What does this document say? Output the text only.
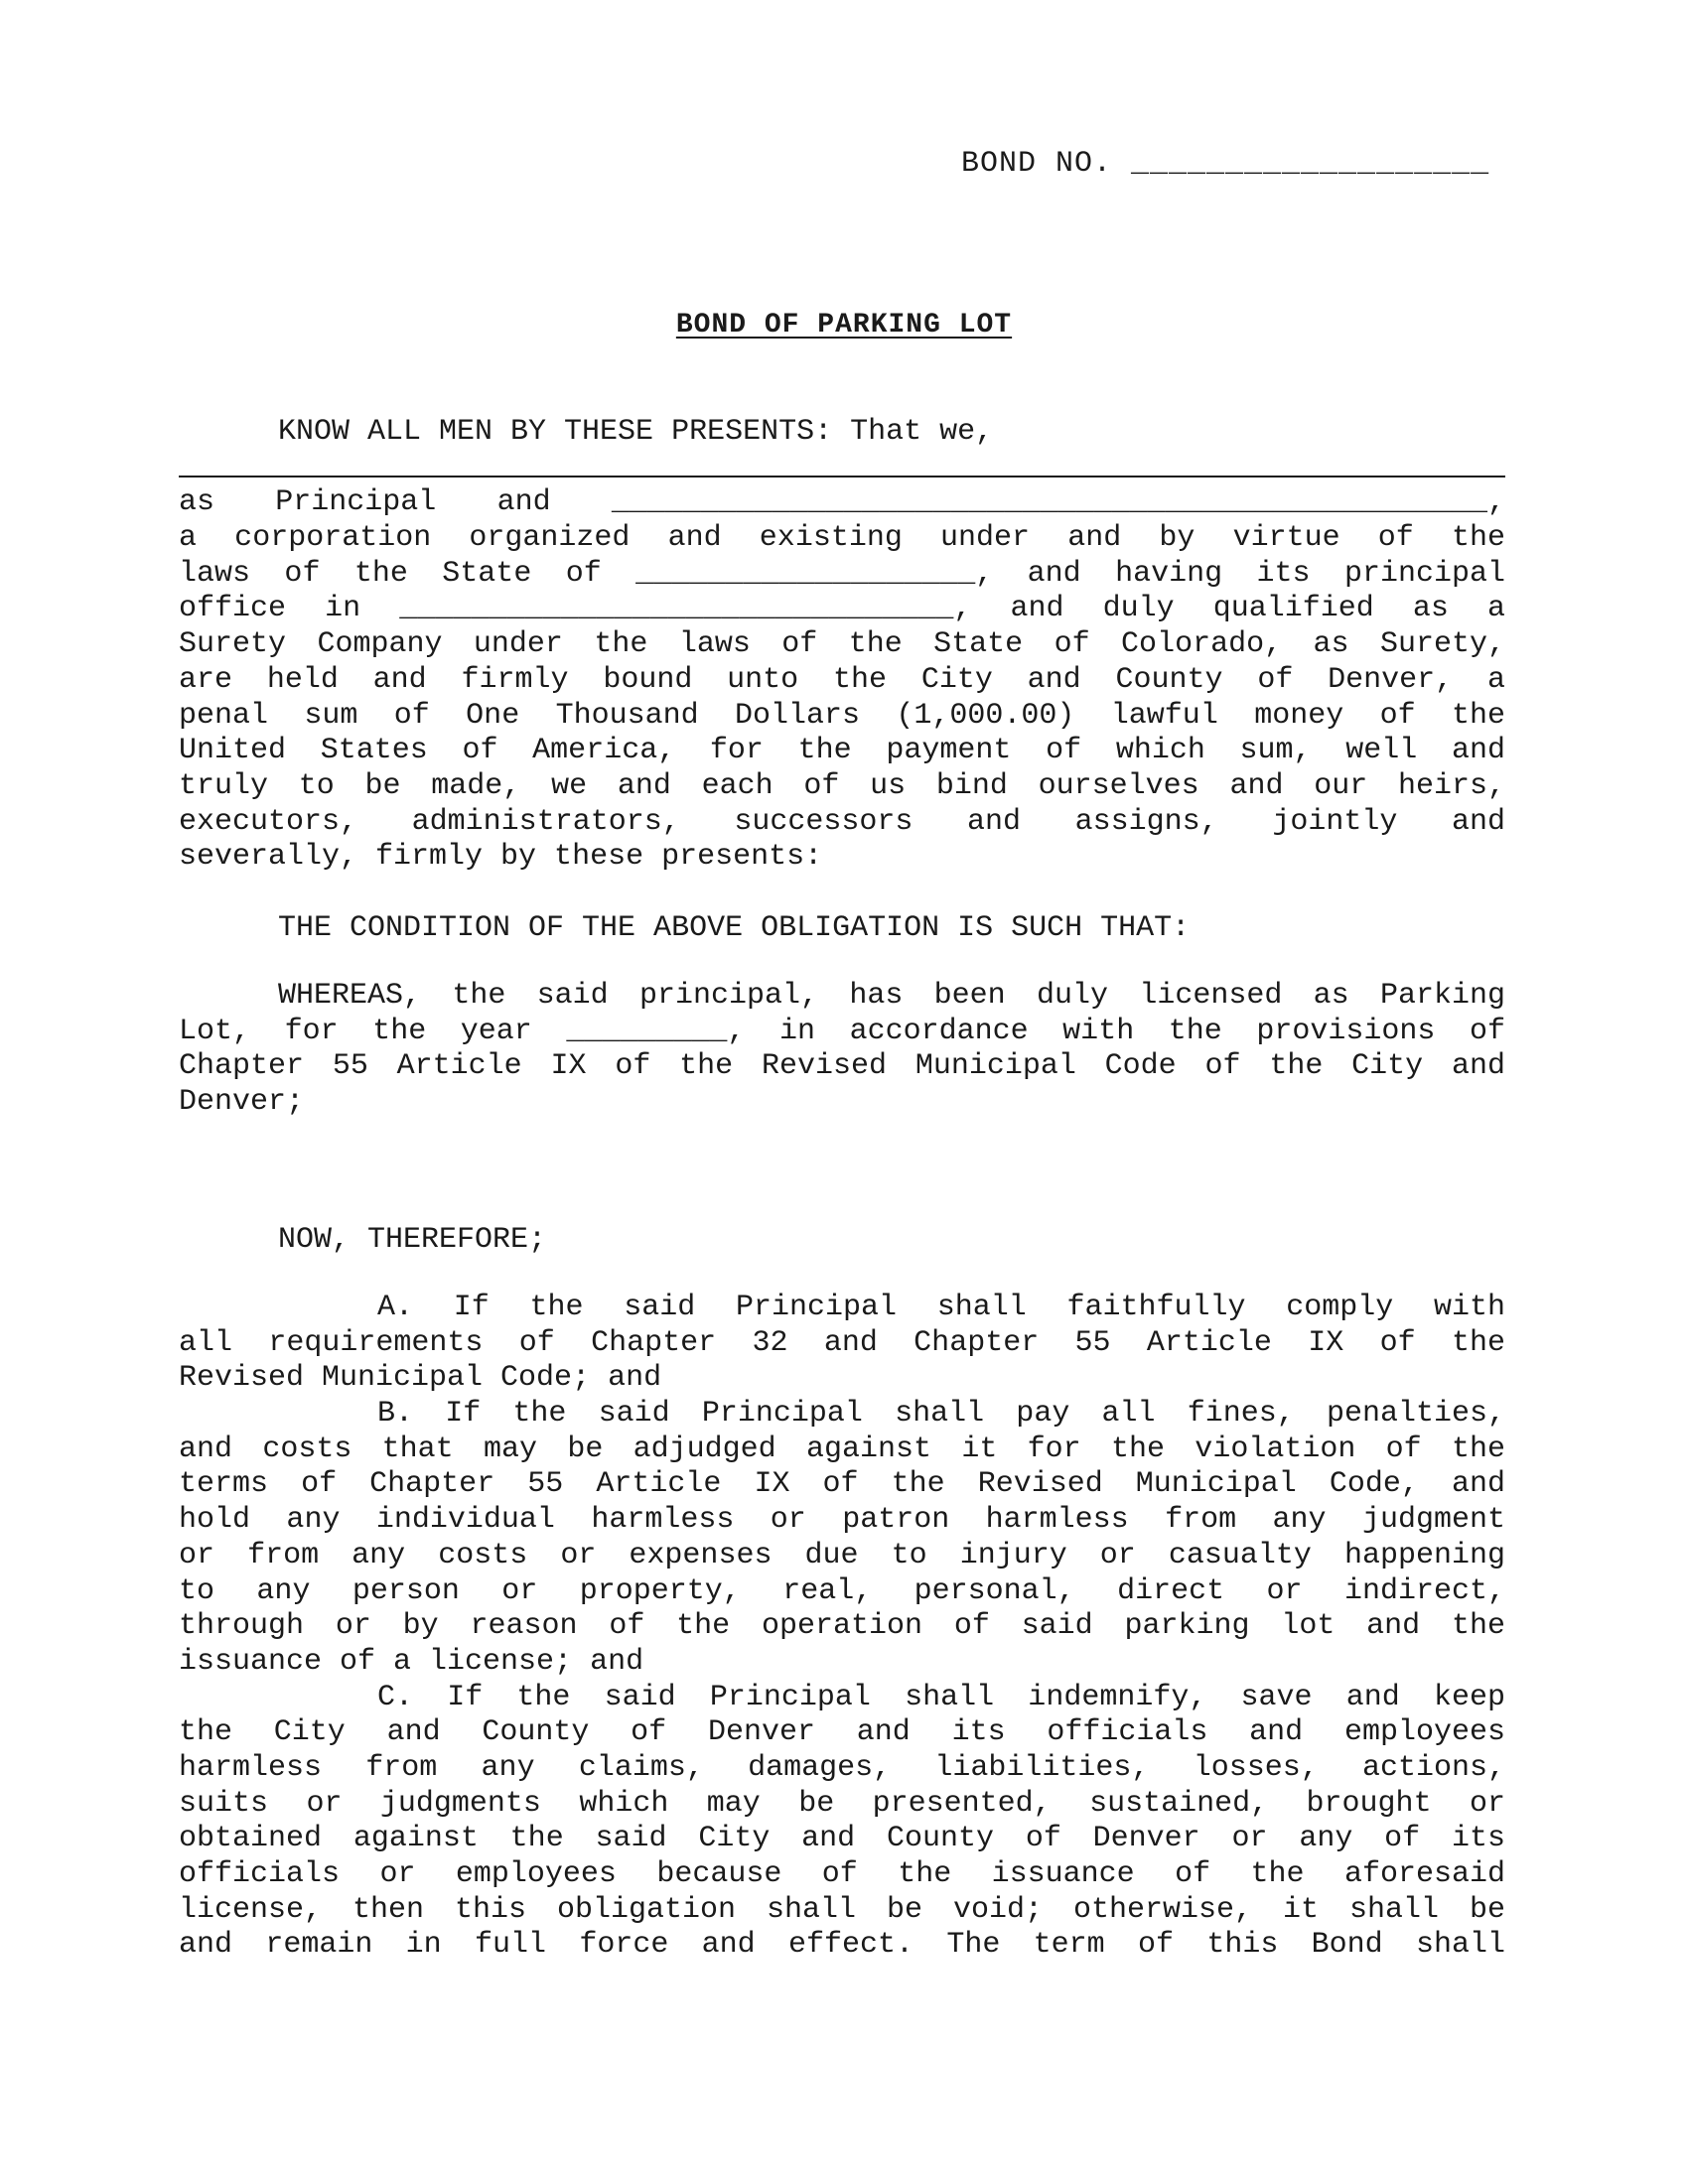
BOND NO. ___________________
BOND OF PARKING LOT
KNOW ALL MEN BY THESE PRESENTS: That we,
as Principal and _________________________________________________,
a corporation organized and existing under and by virtue of the
laws of the State of ___________________, and having its principal
office in _______________________________, and duly qualified as a
Surety Company under the laws of the State of Colorado, as Surety,
are held and firmly bound unto the City and County of Denver, a
penal sum of One Thousand Dollars (1,000.00) lawful money of the
United States of America, for the payment of which sum, well and
truly to be made, we and each of us bind ourselves and our heirs,
executors, administrators, successors and assigns, jointly and
severally, firmly by these presents:
THE CONDITION OF THE ABOVE OBLIGATION IS SUCH THAT:
WHEREAS, the said principal, has been duly licensed as Parking
Lot, for the year _________, in accordance with the provisions of
Chapter 55 Article IX of the Revised Municipal Code of the City and
Denver;
NOW, THEREFORE;
A. If the said Principal shall faithfully comply with
all requirements of Chapter 32 and Chapter 55 Article IX of the
Revised Municipal Code; and
B. If the said Principal shall pay all fines, penalties,
and costs that may be adjudged against it for the violation of the
terms of Chapter 55 Article IX of the Revised Municipal Code, and
hold any individual harmless or patron harmless from any judgment
or from any costs or expenses due to injury or casualty happening
to any person or property, real, personal, direct or indirect,
through or by reason of the operation of said parking lot and the
issuance of a license; and
C. If the said Principal shall indemnify, save and keep
the City and County of Denver and its officials and employees
harmless from any claims, damages, liabilities, losses, actions,
suits or judgments which may be presented, sustained, brought or
obtained against the said City and County of Denver or any of its
officials or employees because of the issuance of the aforesaid
license, then this obligation shall be void; otherwise, it shall be
and remain in full force and effect. The term of this Bond shall
